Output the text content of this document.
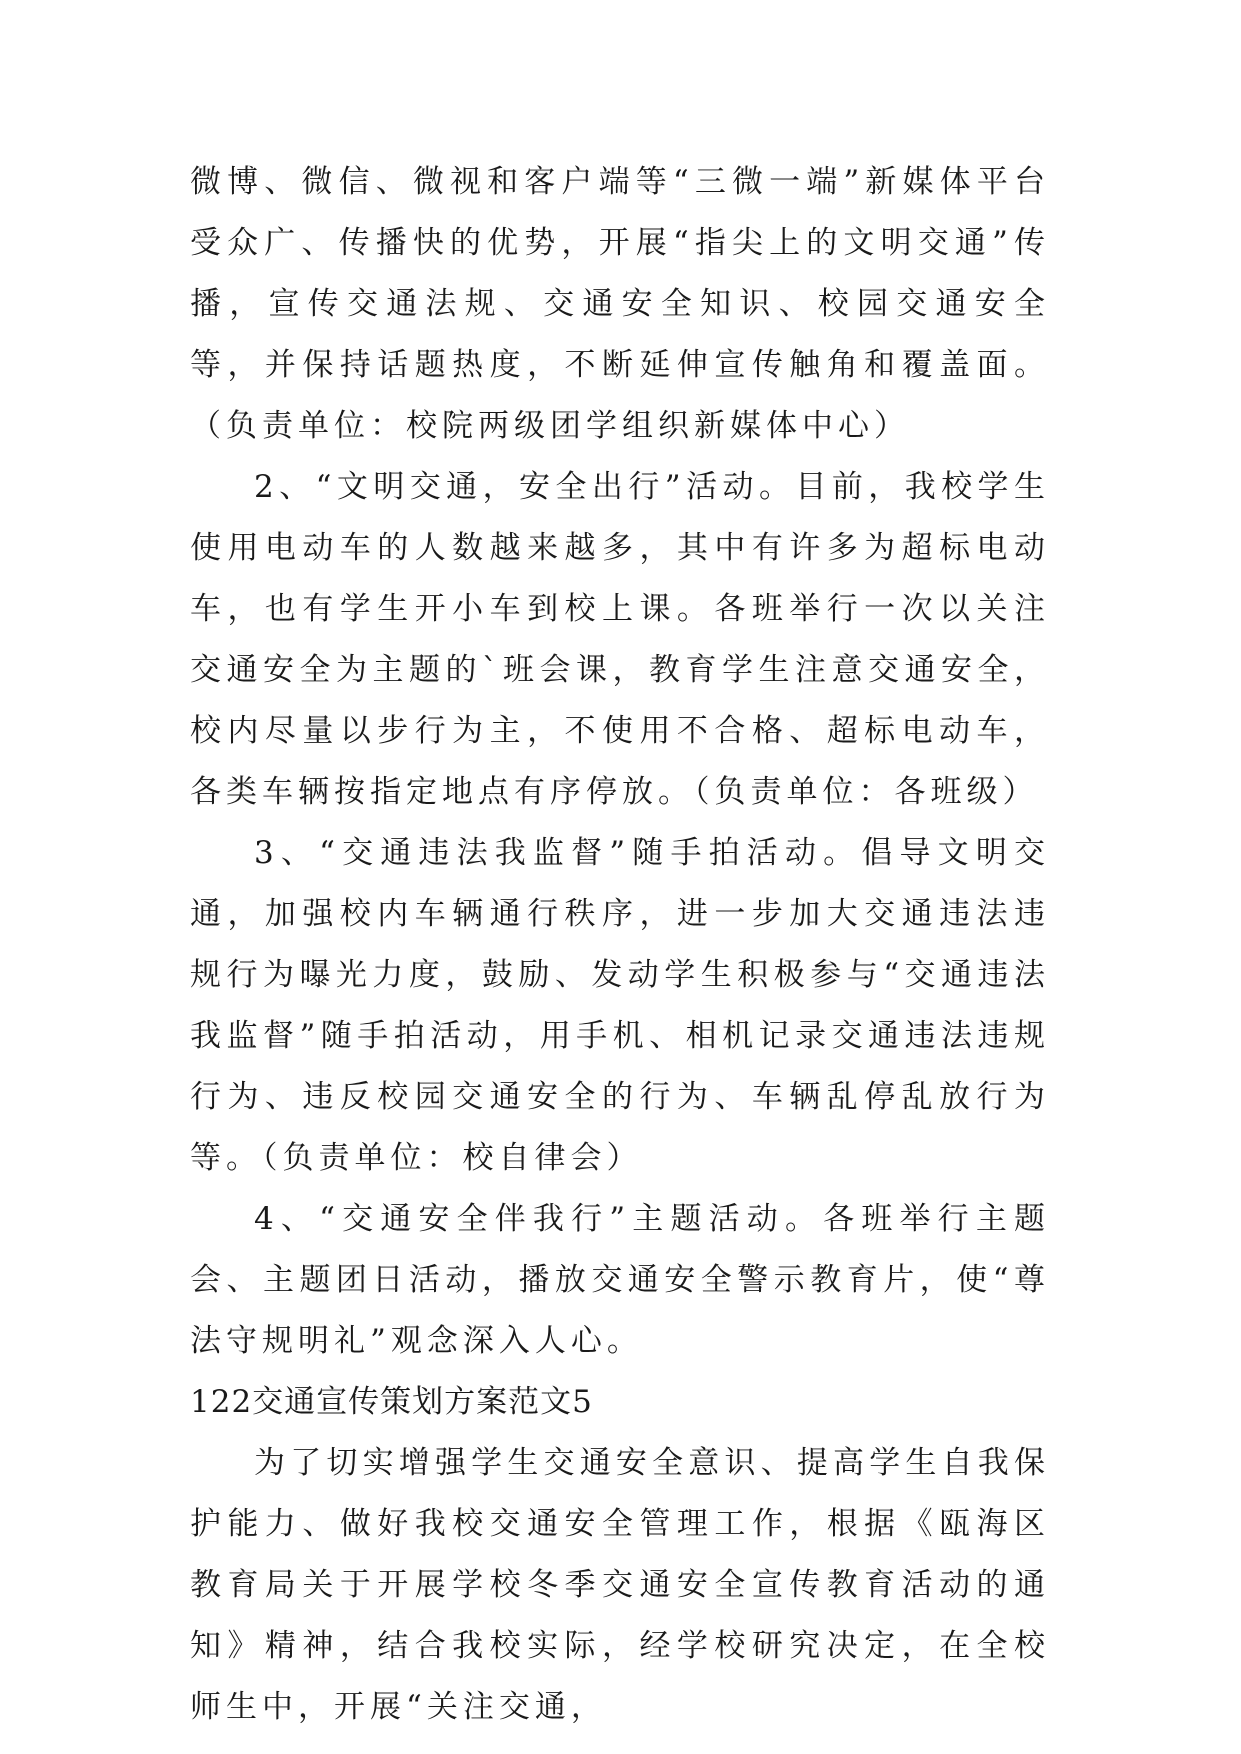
微博、微信、微视和客户端等“三微一端”新媒体平台受众广、传播快的优势，开展“指尖上的文明交通”传播，宣传交通法规、交通安全知识、校园交通安全等，并保持话题热度，不断延伸宣传触角和覆盖面。（负责单位：校院两级团学组织新媒体中心）

2、“文明交通，安全出行”活动。目前，我校学生使用电动车的人数越来越多，其中有许多为超标电动车，也有学生开小车到校上课。各班举行一次以关注交通安全为主题的`班会课，教育学生注意交通安全，校内尽量以步行为主，不使用不合格、超标电动车，各类车辆按指定地点有序停放。（负责单位：各班级）

3、“交通违法我监督”随手拍活动。倡导文明交通，加强校内车辆通行秩序，进一步加大交通违法违规行为曝光力度，鼓励、发动学生积极参与“交通违法我监督”随手拍活动，用手机、相机记录交通违法违规行为、违反校园交通安全的行为、车辆乱停乱放行为等。（负责单位：校自律会）

4、“交通安全伴我行”主题活动。各班举行主题会、主题团日活动，播放交通安全警示教育片，使“尊法守规明礼”观念深入人心。

122交通宣传策划方案范文5

为了切实增强学生交通安全意识、提高学生自我保护能力、做好我校交通安全管理工作，根据《瓯海区教育局关于开展学校冬季交通安全宣传教育活动的通知》精神，结合我校实际，经学校研究决定，在全校师生中，开展“关注交通，
